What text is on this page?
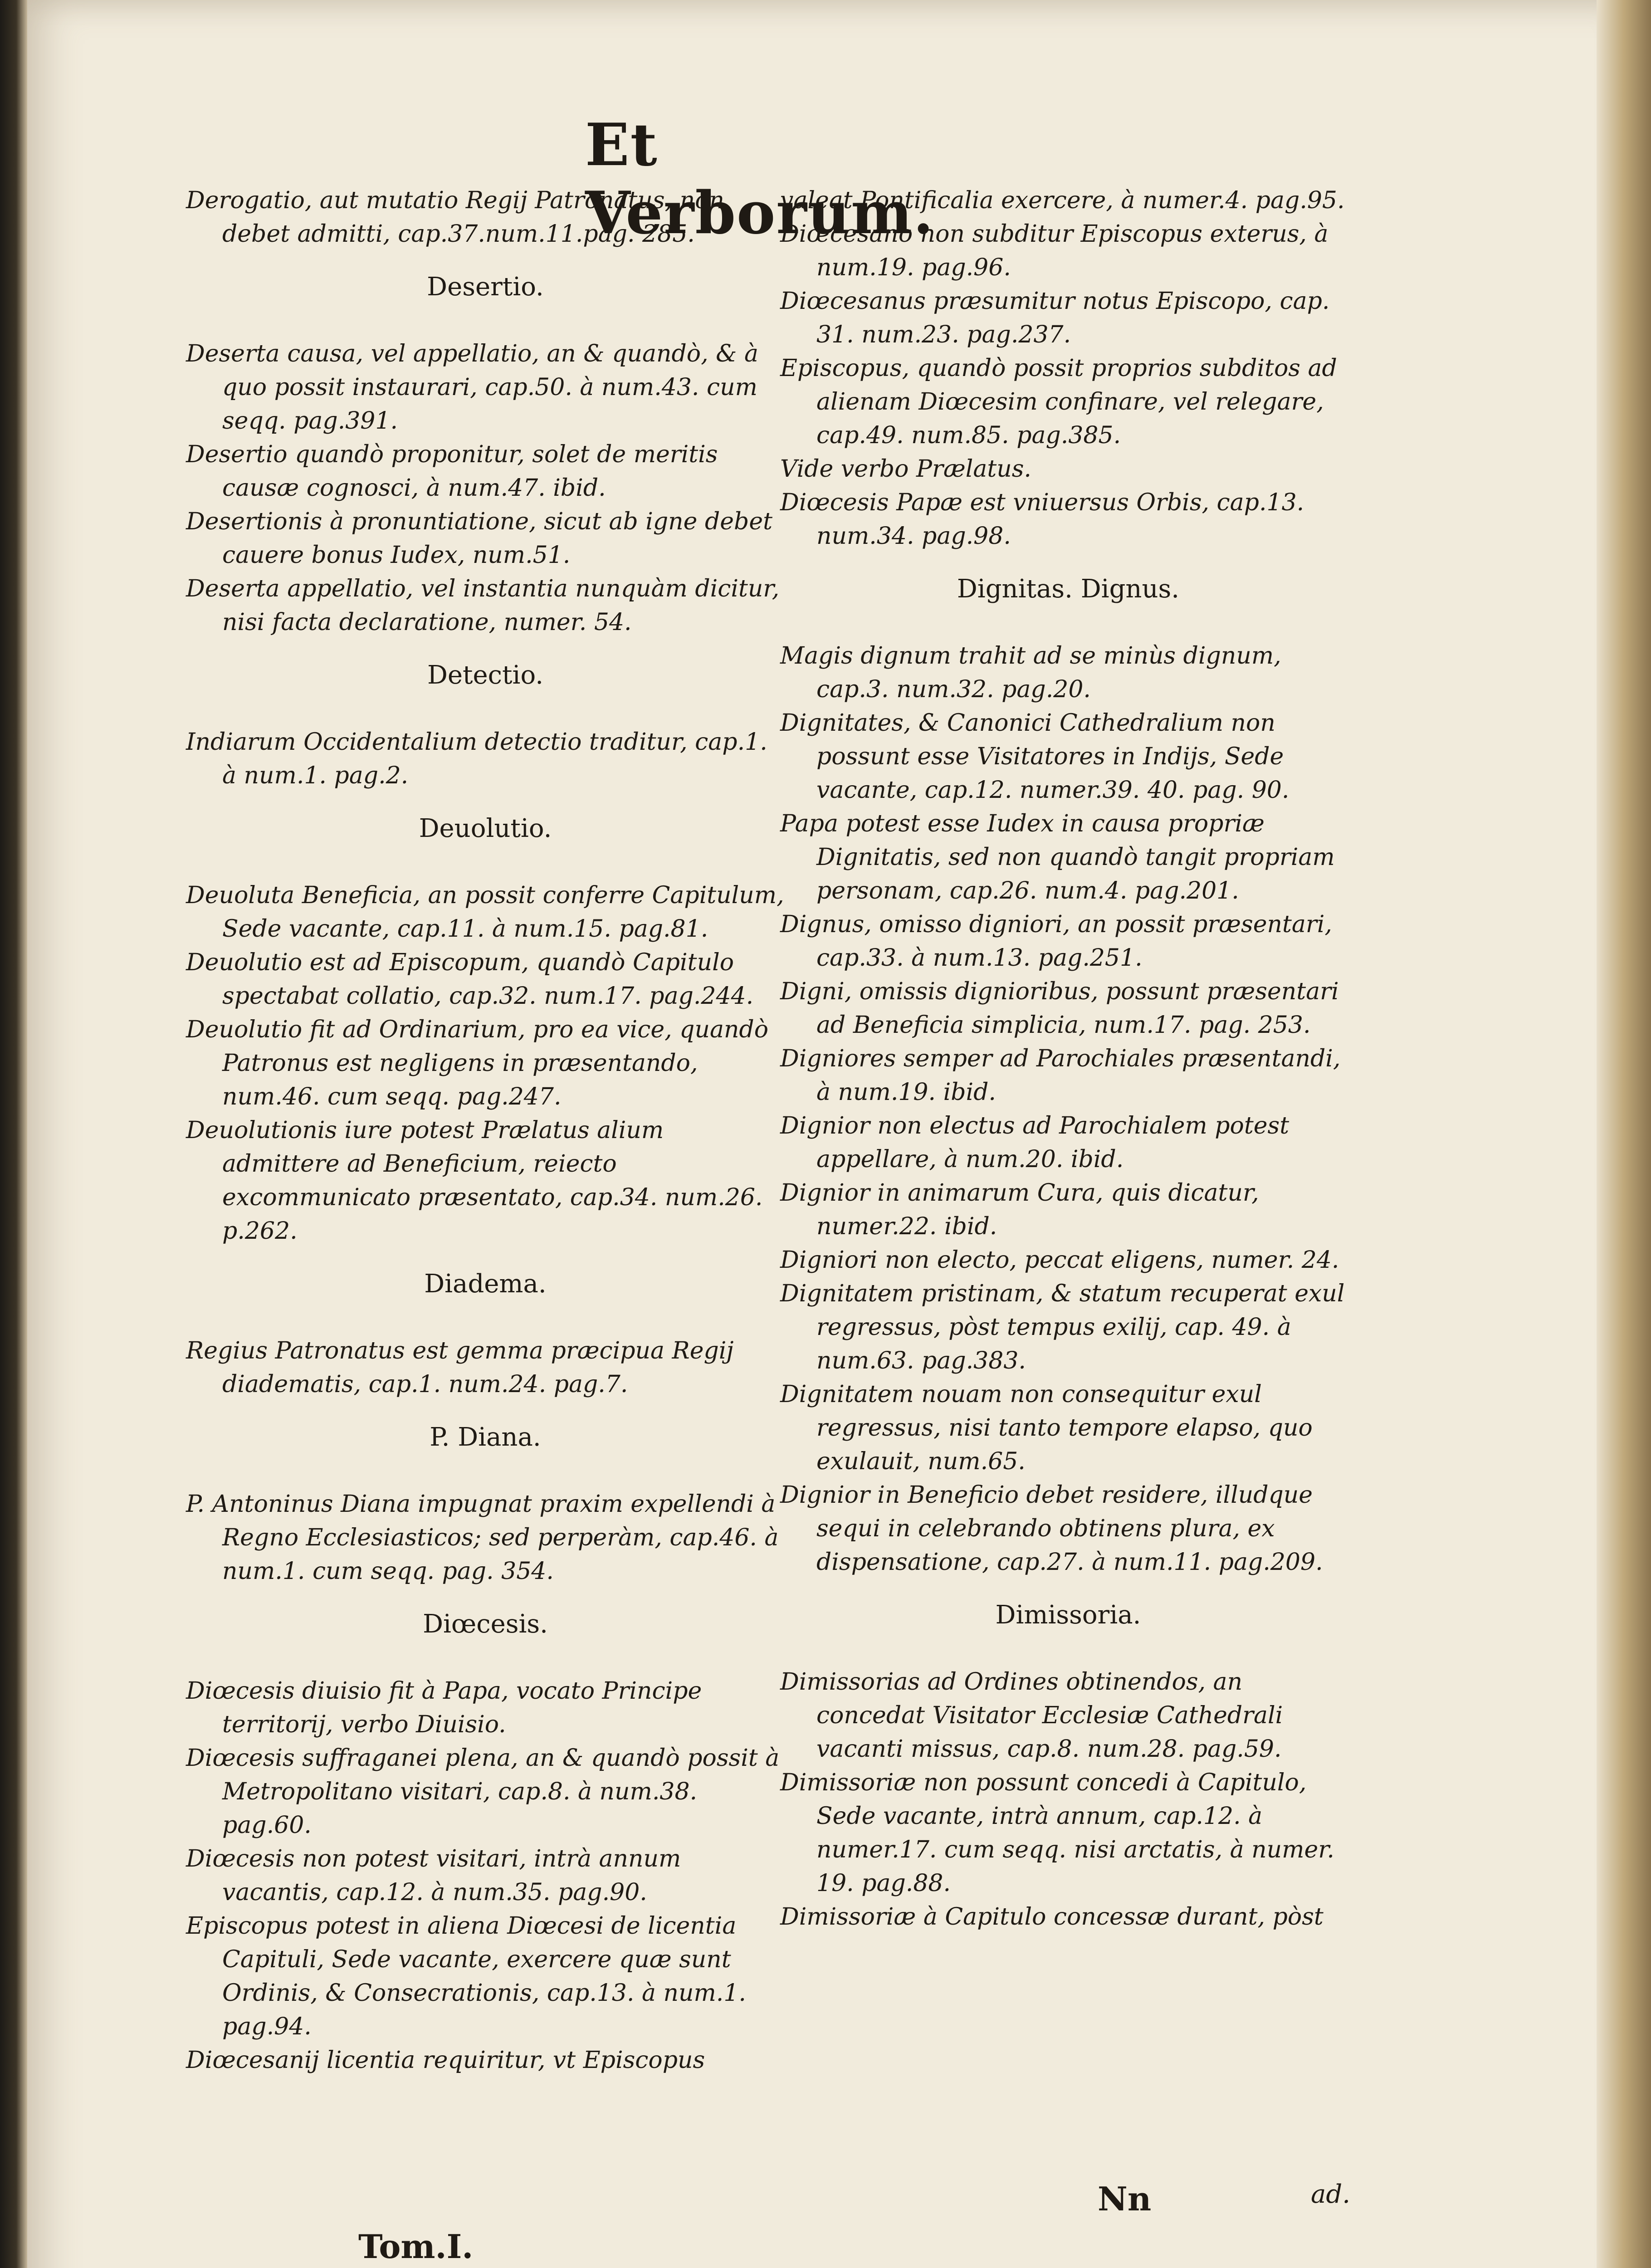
Et Verborum.
Derogatio, aut mutatio Regij Patronatus, non debet admitti, cap.37.num.11.pag. 285.
Desertio.
Deserta causa, vel appellatio, an & quandò, & à quo possit instaurari, cap.50. à num.43. cum seqq. pag.391.
Desertio quandò proponitur, solet de meritis causæ cognosci, à num.47. ibid.
Desertionis à pronuntiatione, sicut ab igne debet cauere bonus Iudex, num.51.
Deserta appellatio, vel instantia nunquàm dicitur, nisi facta declaratione, numer. 54.
Detectio.
Indiarum Occidentalium detectio traditur, cap.1. à num.1. pag.2.
Deuolutio.
Deuoluta Beneficia, an possit conferre Capitulum, Sede vacante, cap.11. à num.15. pag.81.
Deuolutio est ad Episcopum, quandò Capitulo spectabat collatio, cap.32. num.17. pag.244.
Deuolutio fit ad Ordinarium, pro ea vice, quandò Patronus est negligens in præsentando, num.46. cum seqq. pag.247.
Deuolutionis iure potest Prælatus alium admittere ad Beneficium, reiecto excommunicato præsentato, cap.34. num.26. p.262.
Diadema.
Regius Patronatus est gemma præcipua Regij diadematis, cap.1. num.24. pag.7.
P. Diana.
P. Antoninus Diana impugnat praxim expellendi à Regno Ecclesiasticos; sed perperàm, cap.46. à num.1. cum seqq. pag. 354.
Diœcesis.
Diœcesis diuisio fit à Papa, vocato Principe territorij, verbo Diuisio.
Diœcesis suffraganei plena, an & quandò possit à Metropolitano visitari, cap.8. à num.38. pag.60.
Diœcesis non potest visitari, intrà annum vacantis, cap.12. à num.35. pag.90.
Episcopus potest in aliena Diœcesi de licentia Capituli, Sede vacante, exercere quæ sunt Ordinis, & Consecrationis, cap.13. à num.1. pag.94.
Diœcesanij licentia requiritur, vt Episcopus
valeat Pontificalia exercere, à numer.4. pag.95.
Diœcesano non subditur Episcopus exterus, à num.19. pag.96.
Diœcesanus præsumitur notus Episcopo, cap. 31. num.23. pag.237.
Episcopus, quandò possit proprios subditos ad alienam Diœcesim confinare, vel relegare, cap.49. num.85. pag.385.
Vide verbo Prælatus.
Diœcesis Papæ est vniuersus Orbis, cap.13. num.34. pag.98.
Dignitas. Dignus.
Magis dignum trahit ad se minùs dignum, cap.3. num.32. pag.20.
Dignitates, & Canonici Cathedralium non possunt esse Visitatores in Indijs, Sede vacante, cap.12. numer.39. 40. pag. 90.
Papa potest esse Iudex in causa propriæ Dignitatis, sed non quandò tangit propriam personam, cap.26. num.4. pag.201.
Dignus, omisso digniori, an possit præsentari, cap.33. à num.13. pag.251.
Digni, omissis dignioribus, possunt præsentari ad Beneficia simplicia, num.17. pag. 253.
Digniores semper ad Parochiales præsentandi, à num.19. ibid.
Dignior non electus ad Parochialem potest appellare, à num.20. ibid.
Dignior in animarum Cura, quis dicatur, numer.22. ibid.
Digniori non electo, peccat eligens, numer. 24.
Dignitatem pristinam, & statum recuperat exul regressus, pòst tempus exilij, cap. 49. à num.63. pag.383.
Dignitatem nouam non consequitur exul regressus, nisi tanto tempore elapso, quo exulauit, num.65.
Dignior in Beneficio debet residere, illudque sequi in celebrando obtinens plura, ex dispensatione, cap.27. à num.11. pag.209.
Dimissoria.
Dimissorias ad Ordines obtinendos, an concedat Visitator Ecclesiæ Cathedrali vacanti missus, cap.8. num.28. pag.59.
Dimissoriæ non possunt concedi à Capitulo, Sede vacante, intrà annum, cap.12. à numer.17. cum seqq. nisi arctatis, à numer. 19. pag.88.
Dimissoriæ à Capitulo concessæ durant, pòst
Tom.I.
Nn	ad.
